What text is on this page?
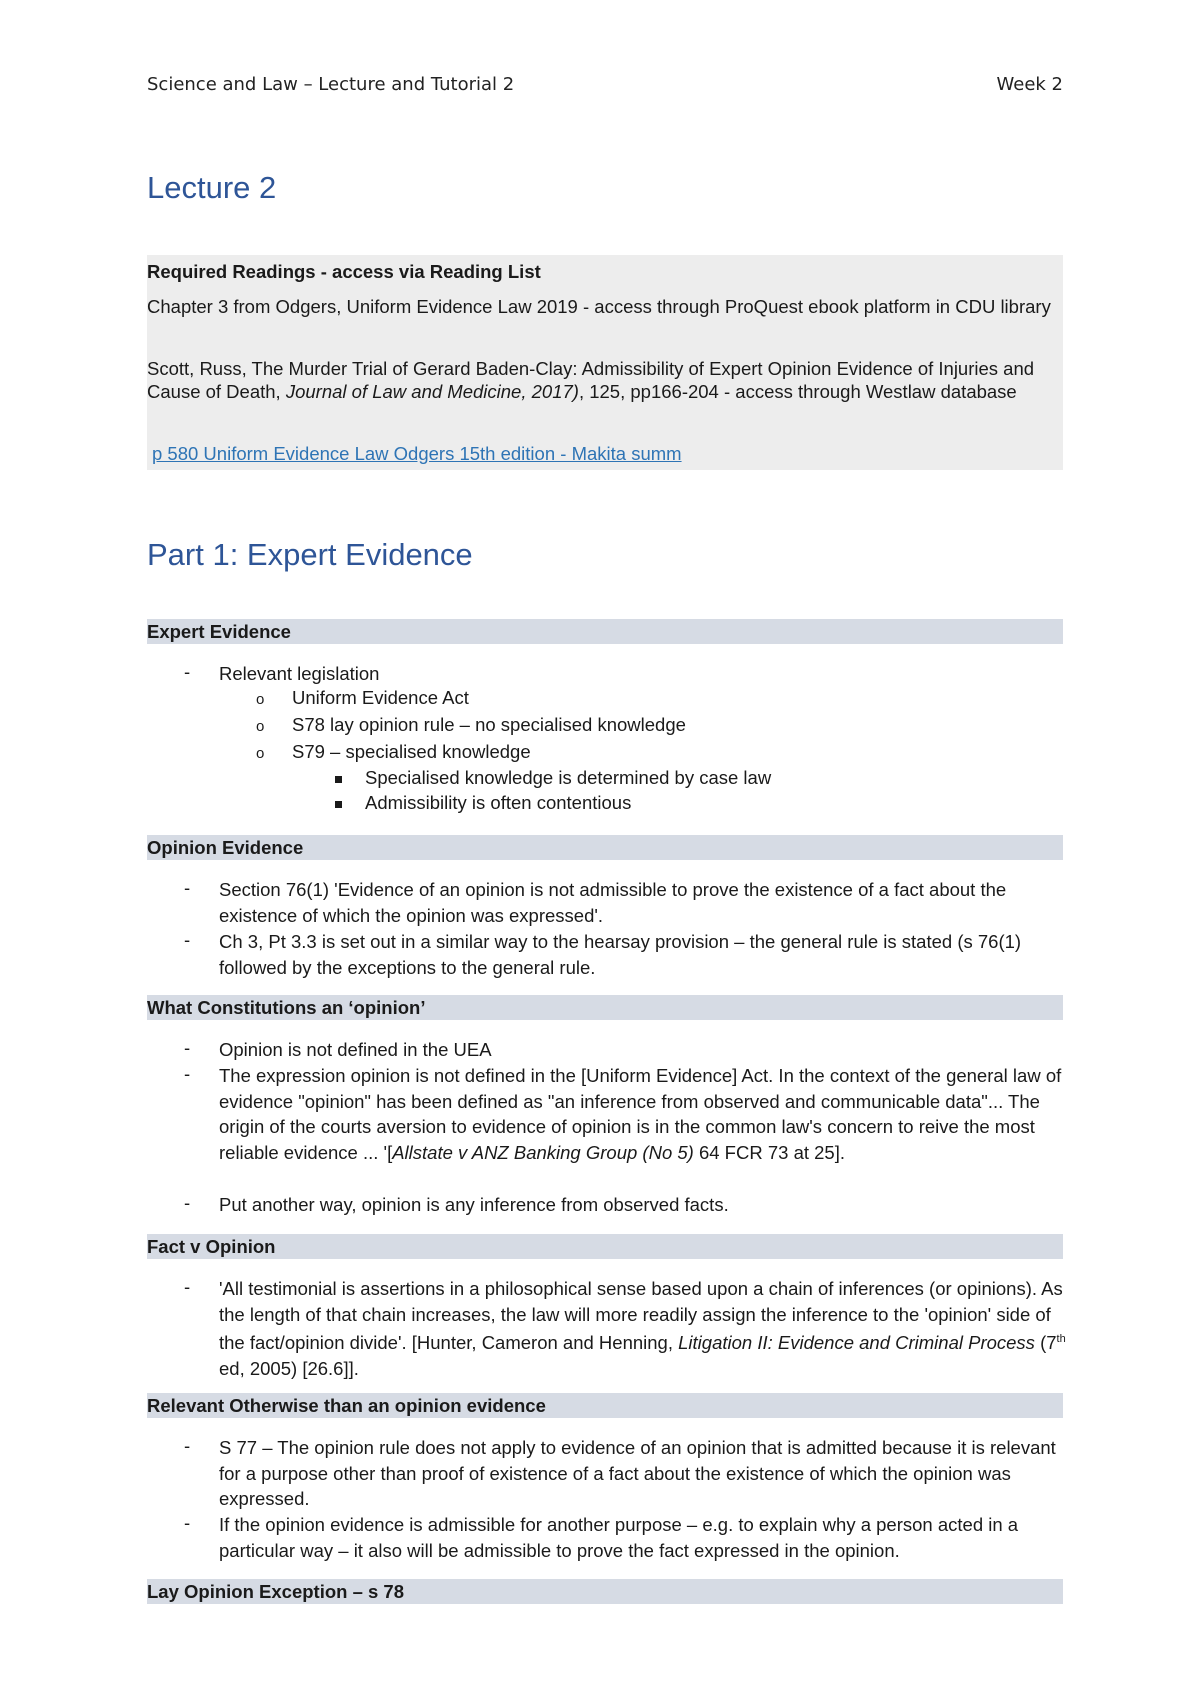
Science and Law – Lecture and Tutorial 2	Week 2
Lecture 2
Required Readings - access via Reading List

Chapter 3 from Odgers, Uniform Evidence Law 2019 - access through ProQuest ebook platform in CDU library

Scott, Russ, The Murder Trial of Gerard Baden-Clay: Admissibility of Expert Opinion Evidence of Injuries and Cause of Death, Journal of Law and Medicine, 2017), 125, pp166-204 - access through Westlaw database

p 580 Uniform Evidence Law Odgers 15th edition - Makita summ

Part 1: Expert Evidence
Expert Evidence
- Relevant legislation
o Uniform Evidence Act
o S78 lay opinion rule – no specialised knowledge
o S79 – specialised knowledge
Specialised knowledge is determined by case law
Admissibility is often contentious
Opinion Evidence
- Section 76(1) 'Evidence of an opinion is not admissible to prove the existence of a fact about the existence of which the opinion was expressed'.
- Ch 3, Pt 3.3 is set out in a similar way to the hearsay provision – the general rule is stated (s 76(1) followed by the exceptions to the general rule.
What Constitutions an ‘opinion’
- Opinion is not defined in the UEA
- The expression opinion is not defined in the [Uniform Evidence] Act. In the context of the general law of evidence "opinion" has been defined as "an inference from observed and communicable data"... The origin of the courts aversion to evidence of opinion is in the common law's concern to reive the most reliable evidence ... '[Allstate v ANZ Banking Group (No 5) 64 FCR 73 at 25].
- Put another way, opinion is any inference from observed facts.
Fact v Opinion
- 'All testimonial is assertions in a philosophical sense based upon a chain of inferences (or opinions). As the length of that chain increases, the law will more readily assign the inference to the 'opinion' side of the fact/opinion divide'. [Hunter, Cameron and Henning, Litigation II: Evidence and Criminal Process (7th ed, 2005) [26.6]].
Relevant Otherwise than an opinion evidence
- S 77 – The opinion rule does not apply to evidence of an opinion that is admitted because it is relevant for a purpose other than proof of existence of a fact about the existence of which the opinion was expressed.
- If the opinion evidence is admissible for another purpose – e.g. to explain why a person acted in a particular way – it also will be admissible to prove the fact expressed in the opinion.
Lay Opinion Exception – s 78
